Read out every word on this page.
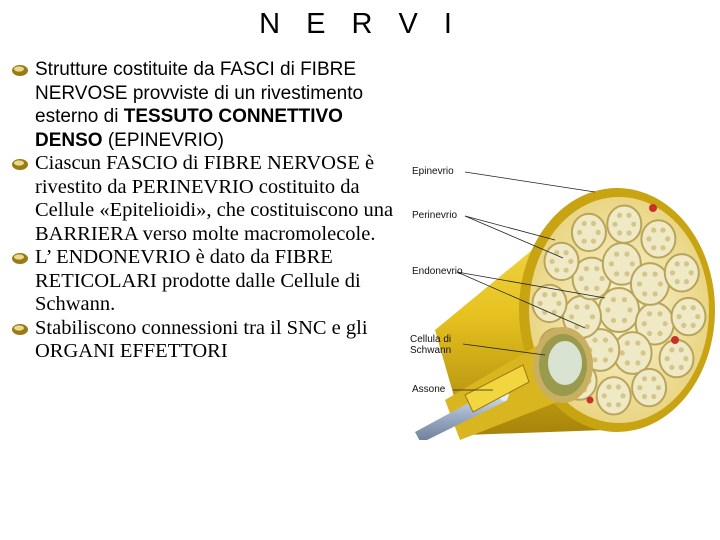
N E R V I
Strutture costituite da FASCI di FIBRE NERVOSE provviste di un rivestimento esterno di TESSUTO CONNETTIVO DENSO (EPINEVRIO)
Ciascun FASCIO di FIBRE NERVOSE è rivestito da PERINEVRIO costituito da Cellule «Epitelioidi», che costituiscono una BARRIERA verso molte macromolecole.
L’ ENDONEVRIO è dato da FIBRE RETICOLARI prodotte dalle Cellule di Schwann.
Stabiliscono connessioni tra il SNC e gli ORGANI EFFETTORI
Epinevrio
Perinevrio
Endonevrio
Cellula di
Schwann
Assone
